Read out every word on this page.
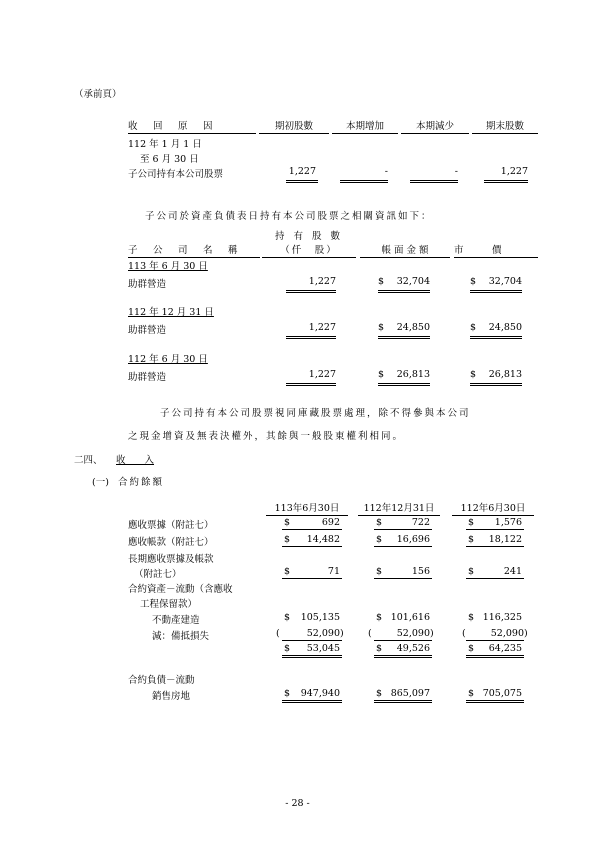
（承前頁）
收　回　原　因	期初股數	本期增加	本期減少	期末股數
112 年 1 月 1 日
至 6 月 30 日
子公司持有本公司股票	1,227	-	-	1,227
子公司於資產負債表日持有本公司股票之相關資訊如下：
持 有 股 數
子　公　司　名　稱	（仟　股）	帳 面 金 額	市　　　價
113 年 6 月 30 日
助群營造	1,227	$	32,704	$	32,704
112 年 12 月 31 日
助群營造	1,227	$	24,850	$	24,850
112 年 6 月 30 日
助群營造	1,227	$	26,813	$	26,813
子公司持有本公司股票視同庫藏股票處理，除不得參與本公司
之現金增資及無表決權外，其餘與一般股東權利相同。
二四、 收　　入
(一) 合約餘額
113年6月30日	112年12月31日	112年6月30日
應收票據（附註七）	$	692	$	722	$	1,576
應收帳款（附註七）	$	14,482	$	16,696	$	18,122
長期應收票據及帳款
（附註七）	$	71	$	156	$	241
合約資產－流動（含應收
工程保留款）
不動產建造	$	105,135	$ 101,616	$ 116,325
減：備抵損失	(	52,090 )	(	52,090 )	(	52,090 )
$	53,045	$	49,526	$	64,235
合約負債－流動
銷售房地	$	947,940	$ 865,097	$ 705,075
- 28 -
